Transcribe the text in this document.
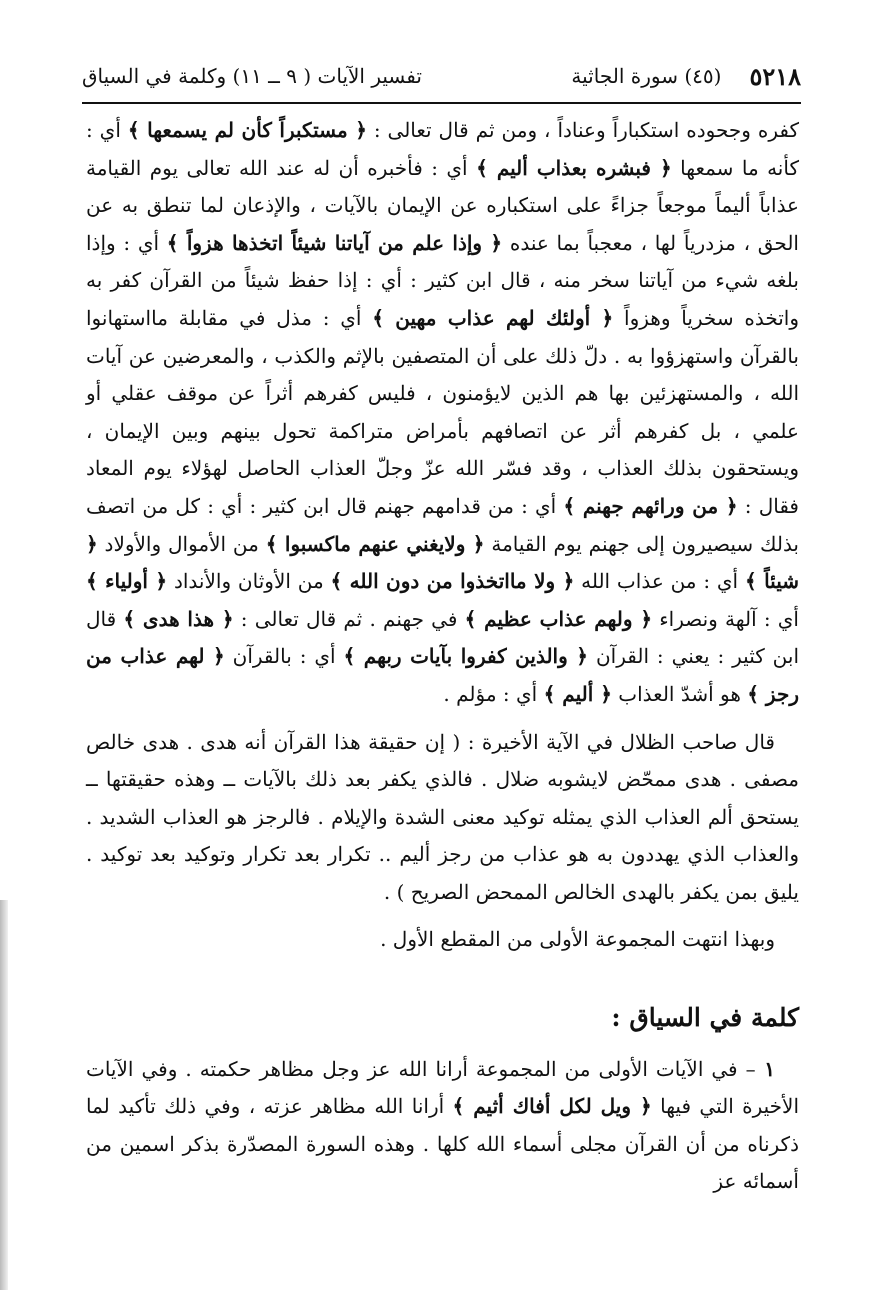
٥٢١٨
(٤٥) سورة الجاثية
تفسير الآيات ( ٩ ــ ١١) وكلمة في السياق

كفره وجحوده استكباراً وعناداً ، ومن ثم قال تعالى : ﴿ مستكبراً كأن لم يسمعها ﴾ أي : كأنه ما سمعها ﴿ فبشره بعذاب أليم ﴾ أي : فأخبره أن له عند الله تعالى يوم القيامة عذاباً أليماً موجعاً جزاءً على استكباره عن الإيمان بالآيات ، والإذعان لما تنطق به عن الحق ، مزدرياً لها ، معجباً بما عنده ﴿ وإذا علم من آياتنا شيئاً اتخذها هزواً ﴾ أي : وإذا بلغه شيء من آياتنا سخر منه ، قال ابن كثير : أي : إذا حفظ شيئاً من القرآن كفر به واتخذه سخرياً وهزواً ﴿ أولئك لهم عذاب مهين ﴾ أي : مذل في مقابلة مااستهانوا بالقرآن واستهزؤوا به . دلّ ذلك على أن المتصفين بالإثم والكذب ، والمعرضين عن آيات الله ، والمستهزئين بها هم الذين لايؤمنون ، فليس كفرهم أثراً عن موقف عقلي أو علمي ، بل كفرهم أثر عن اتصافهم بأمراض متراكمة تحول بينهم وبين الإيمان ، ويستحقون بذلك العذاب ، وقد فسّر الله عزّ وجلّ العذاب الحاصل لهؤلاء يوم المعاد فقال : ﴿ من ورائهم جهنم ﴾ أي : من قدامهم جهنم قال ابن كثير : أي : كل من اتصف بذلك سيصيرون إلى جهنم يوم القيامة ﴿ ولايغني عنهم ماكسبوا ﴾ من الأموال والأولاد ﴿ شيئاً ﴾ أي : من عذاب الله ﴿ ولا مااتخذوا من دون الله ﴾ من الأوثان والأنداد ﴿ أولياء ﴾ أي : آلهة ونصراء ﴿ ولهم عذاب عظيم ﴾ في جهنم . ثم قال تعالى : ﴿ هذا هدى ﴾ قال ابن كثير : يعني : القرآن ﴿ والذين كفروا بآيات ربهم ﴾ أي : بالقرآن ﴿ لهم عذاب من رجز ﴾ هو أشدّ العذاب ﴿ أليم ﴾ أي : مؤلم .

قال صاحب الظلال في الآية الأخيرة : ( إن حقيقة هذا القرآن أنه هدى . هدى خالص مصفى . هدى ممحّض لايشوبه ضلال . فالذي يكفر بعد ذلك بالآيات ــ وهذه حقيقتها ــ يستحق ألم العذاب الذي يمثله توكيد معنى الشدة والإيلام . فالرجز هو العذاب الشديد . والعذاب الذي يهددون به هو عذاب من رجز أليم .. تكرار بعد تكرار وتوكيد بعد توكيد . يليق بمن يكفر بالهدى الخالص الممحض الصريح ) .

وبهذا انتهت المجموعة الأولى من المقطع الأول .

كلمة في السياق :

١ – في الآيات الأولى من المجموعة أرانا الله عز وجل مظاهر حكمته . وفي الآيات الأخيرة التي فيها ﴿ ويل لكل أفاك أثيم ﴾ أرانا الله مظاهر عزته ، وفي ذلك تأكيد لما ذكرناه من أن القرآن مجلى أسماء الله كلها . وهذه السورة المصدّرة بذكر اسمين من أسمائه عز
